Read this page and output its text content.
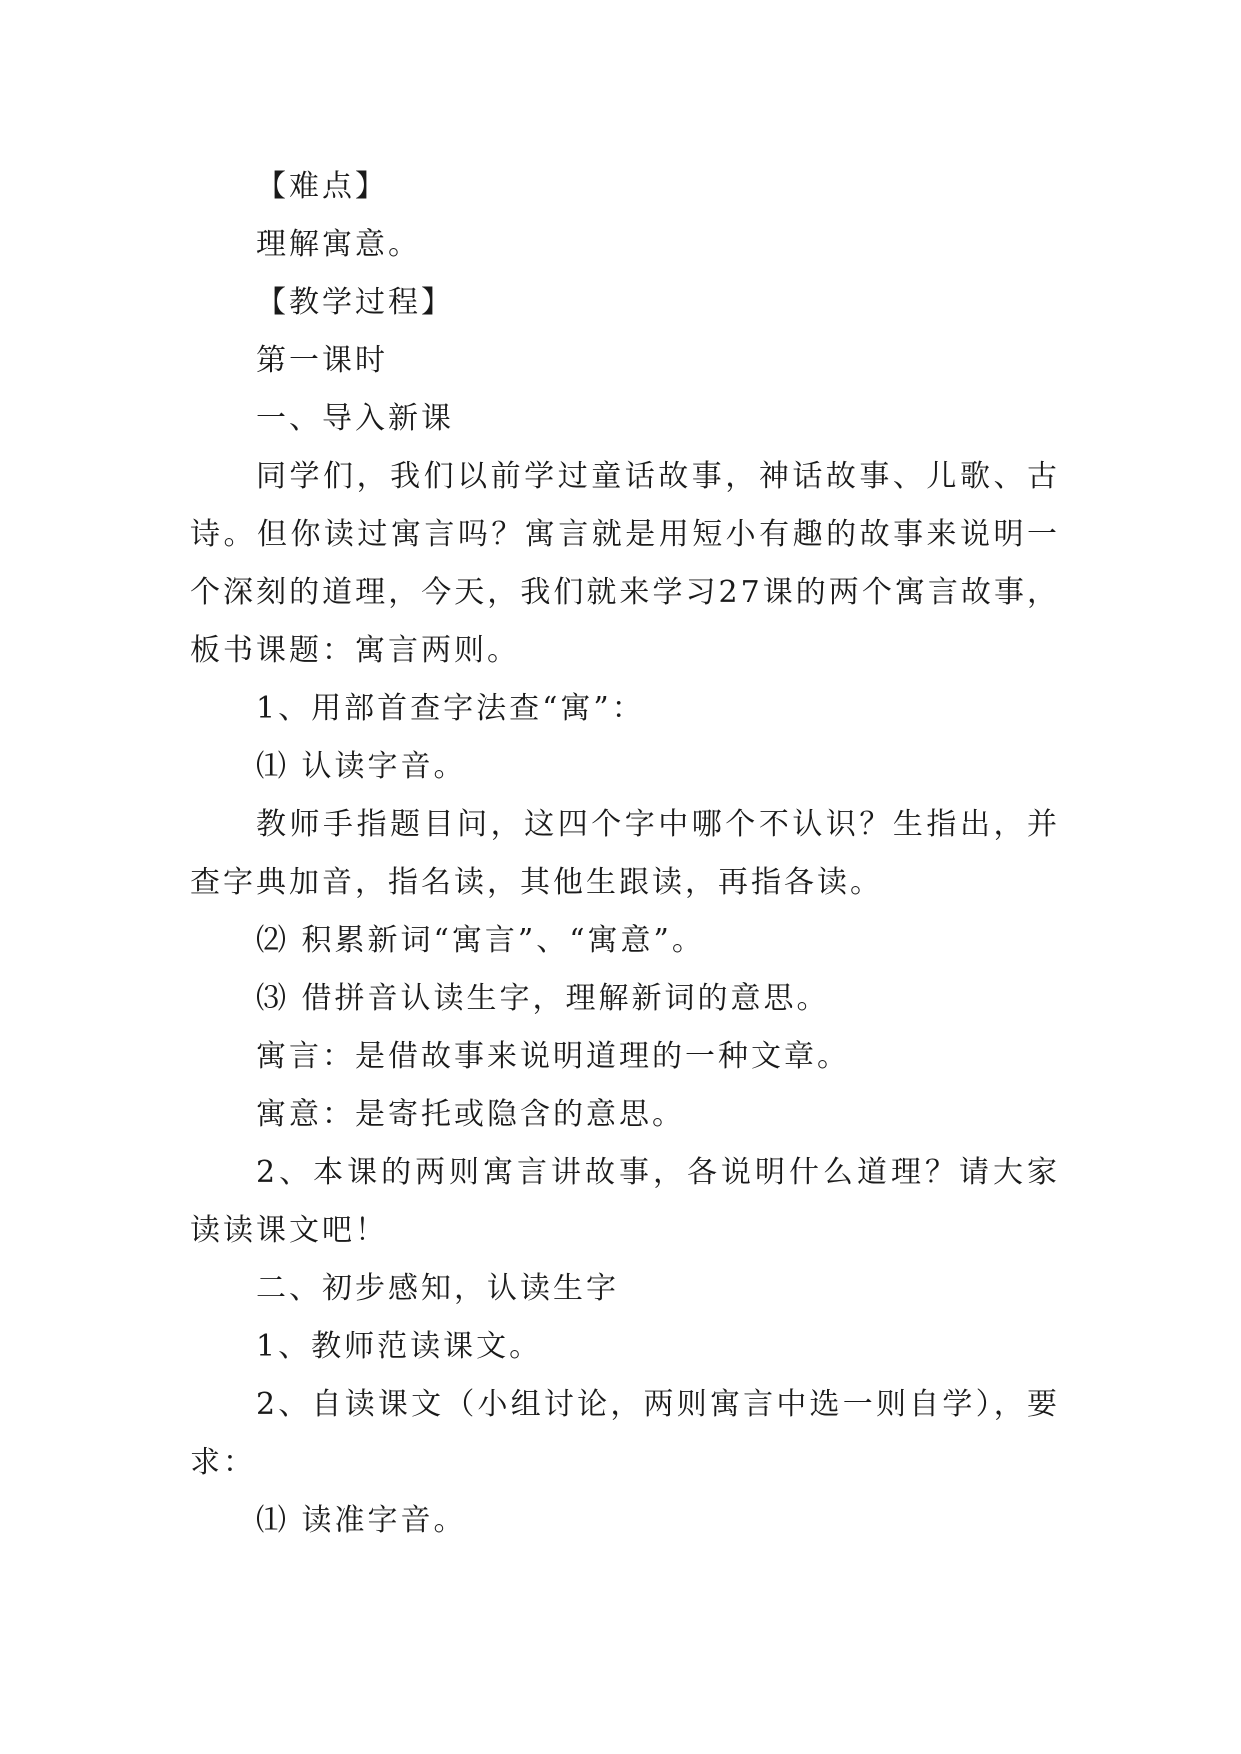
【难点】

理解寓意。

【教学过程】

第一课时

一、导入新课

同学们，我们以前学过童话故事，神话故事、儿歌、古诗。但你读过寓言吗？寓言就是用短小有趣的故事来说明一个深刻的道理，今天，我们就来学习27课的两个寓言故事，板书课题：寓言两则。

1、用部首查字法查“寓”：

⑴ 认读字音。

教师手指题目问，这四个字中哪个不认识？生指出，并查字典加音，指名读，其他生跟读，再指各读。

⑵ 积累新词“寓言”、“寓意”。

⑶ 借拼音认读生字，理解新词的意思。

寓言：是借故事来说明道理的一种文章。

寓意：是寄托或隐含的意思。

2、本课的两则寓言讲故事，各说明什么道理？请大家读读课文吧！

二、初步感知，认读生字

1、教师范读课文。

2、自读课文（小组讨论，两则寓言中选一则自学），要求：

⑴ 读准字音。
